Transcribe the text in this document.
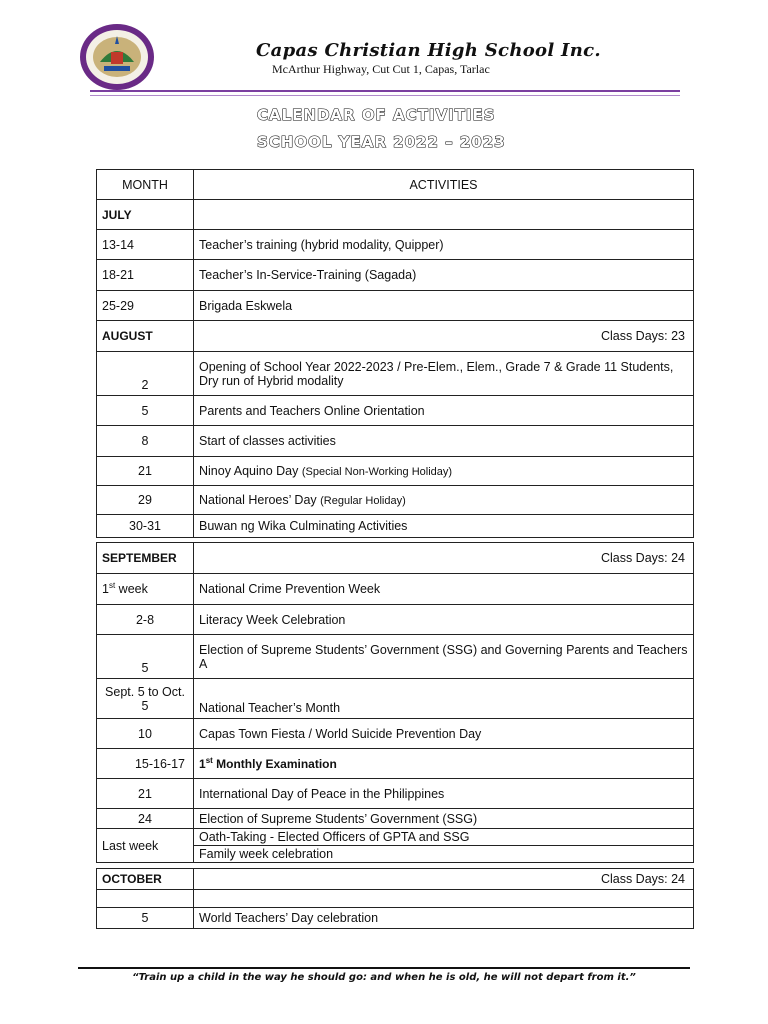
Capas Christian High School Inc.
McArthur Highway, Cut Cut 1, Capas, Tarlac
CALENDAR OF ACTIVITIES
SCHOOL YEAR 2022 – 2023
MONTH	ACTIVITIES
JULY	
13-14	Teacher’s training (hybrid modality, Quipper)
18-21	Teacher’s In-Service-Training (Sagada)
25-29	Brigada Eskwela
AUGUST	Class Days: 23
2	Opening of School Year 2022-2023 / Pre-Elem., Elem., Grade 7 & Grade 11 Students, Dry run of Hybrid modality
5	Parents and Teachers Online Orientation
8	Start of classes activities
21	Ninoy Aquino Day (Special Non-Working Holiday)
29	National Heroes’ Day (Regular Holiday)
30-31	Buwan ng Wika Culminating Activities
SEPTEMBER	Class Days: 24
1st week	National Crime Prevention Week
2-8	Literacy Week Celebration
5	Election of Supreme Students’ Government (SSG) and Governing Parents and Teachers A
Sept. 5 to Oct. 5	National Teacher’s Month
10	Capas Town Fiesta / World Suicide Prevention Day
15-16-17	1st Monthly Examination
21	International Day of Peace in the Philippines
24	Election of Supreme Students’ Government (SSG)
Last week	Oath-Taking - Elected Officers of GPTA and SSG
	Family week celebration
OCTOBER	Class Days: 24

5	World Teachers’ Day celebration
“Train up a child in the way he should go: and when he is old, he will not depart from it.”
